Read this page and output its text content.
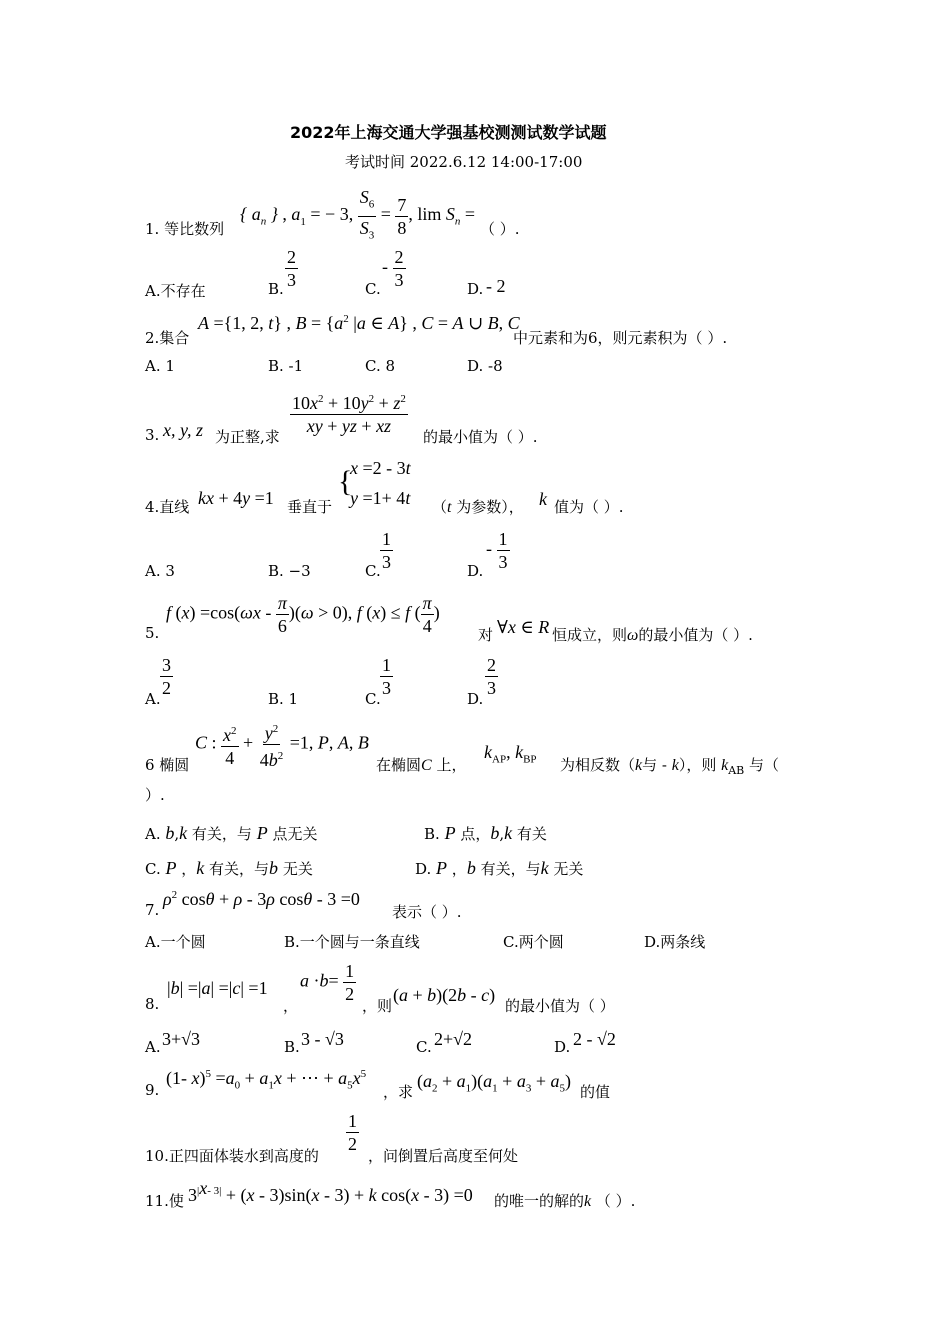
2022年上海交通大学强基校测测试数学试题
考试时间 2022.6.12 14:00-17:00
1. 等比数列
{ $a_n$ } , $a_1$ = − 3, $\frac{S_6}{S_3} = \frac{7}{8}$ , $\lim S_n$ =
（ ）.
A.不存在	B. $\frac{2}{3}$	C.
- $\frac{2}{3}$	D. - 2
2.集合
A ={1, 2, t} , $B = \{a^2$ |a ∈ A} , C = A ∪ B, C
中元素和为6，则元素积为（ ）.
A. 1	B. -1	C. 8	D. -8
3. x, y, z 为正整,求 $\frac{10x^2 + 10y^2 + z^2}{xy + yz + xz}$ 的最小值为（ ）.
4.直线 kx + 4y =1 垂直于
{
x =2 - 3t
y =1+ 4t （t 为参数）， k 值为（ ）.
A. 3	B. −3	C. $\frac{1}{3}$	D.
- $\frac{1}{3}$
5.
f $(x) =\cos(\omega x - \frac{\pi}{6} )(\omega > 0)$, f (x) ≤ f ( $\frac{\pi}{4}$ )
对 ∀x ∈ R 恒成立，则ω的最小值为（ ）.
A. $\frac{3}{2}$	B. 1	C. $\frac{1}{3}$	D. $\frac{2}{3}$
6 椭圆
C : $\frac{x^2}{4} + \frac{y^2}{4b^2} =1$, P, A, B
在椭圆C 上，
$k_{AP}$, $k_{BP}$ 为相反数（k与 - k），则 $k_{AB}$ 与（
）.
A. b,k 有关，与 P 点无关	B. P 点，b,k 有关
C. P ，k 有关，与b 无关	D. P ，b 有关，与k 无关
7.
$\rho^2$ cosθ + ρ - 3ρ cosθ - 3 =0
表示（ ）.
A.一个圆	B.一个圆与一条直线	C.两个圆	D.两条线
8.
|b| =|a| =|c| =1
，
$a \cdot b= \frac{1}{2}$
，则
(a + b)(2b - c)
的最小值为（ ）
A. 3+√3	B. 3 - √3	C. 2+√2	D. 2 - √2
9.
(1- $x)^5 =a_0 + a_1x$ + ⋯ + $a_5x^5$
，求
$(a_2 + a_1)(a_1 + a_3 + a_5)$
的值
10.正四面体装水到高度的
$\frac{1}{2}$
，问倒置后高度至何处
11.使 $3^{|x- 3|} + (x - 3)\sin(x - 3) + k$ cos(x - 3) =0 的唯一的解的k （ ）.
